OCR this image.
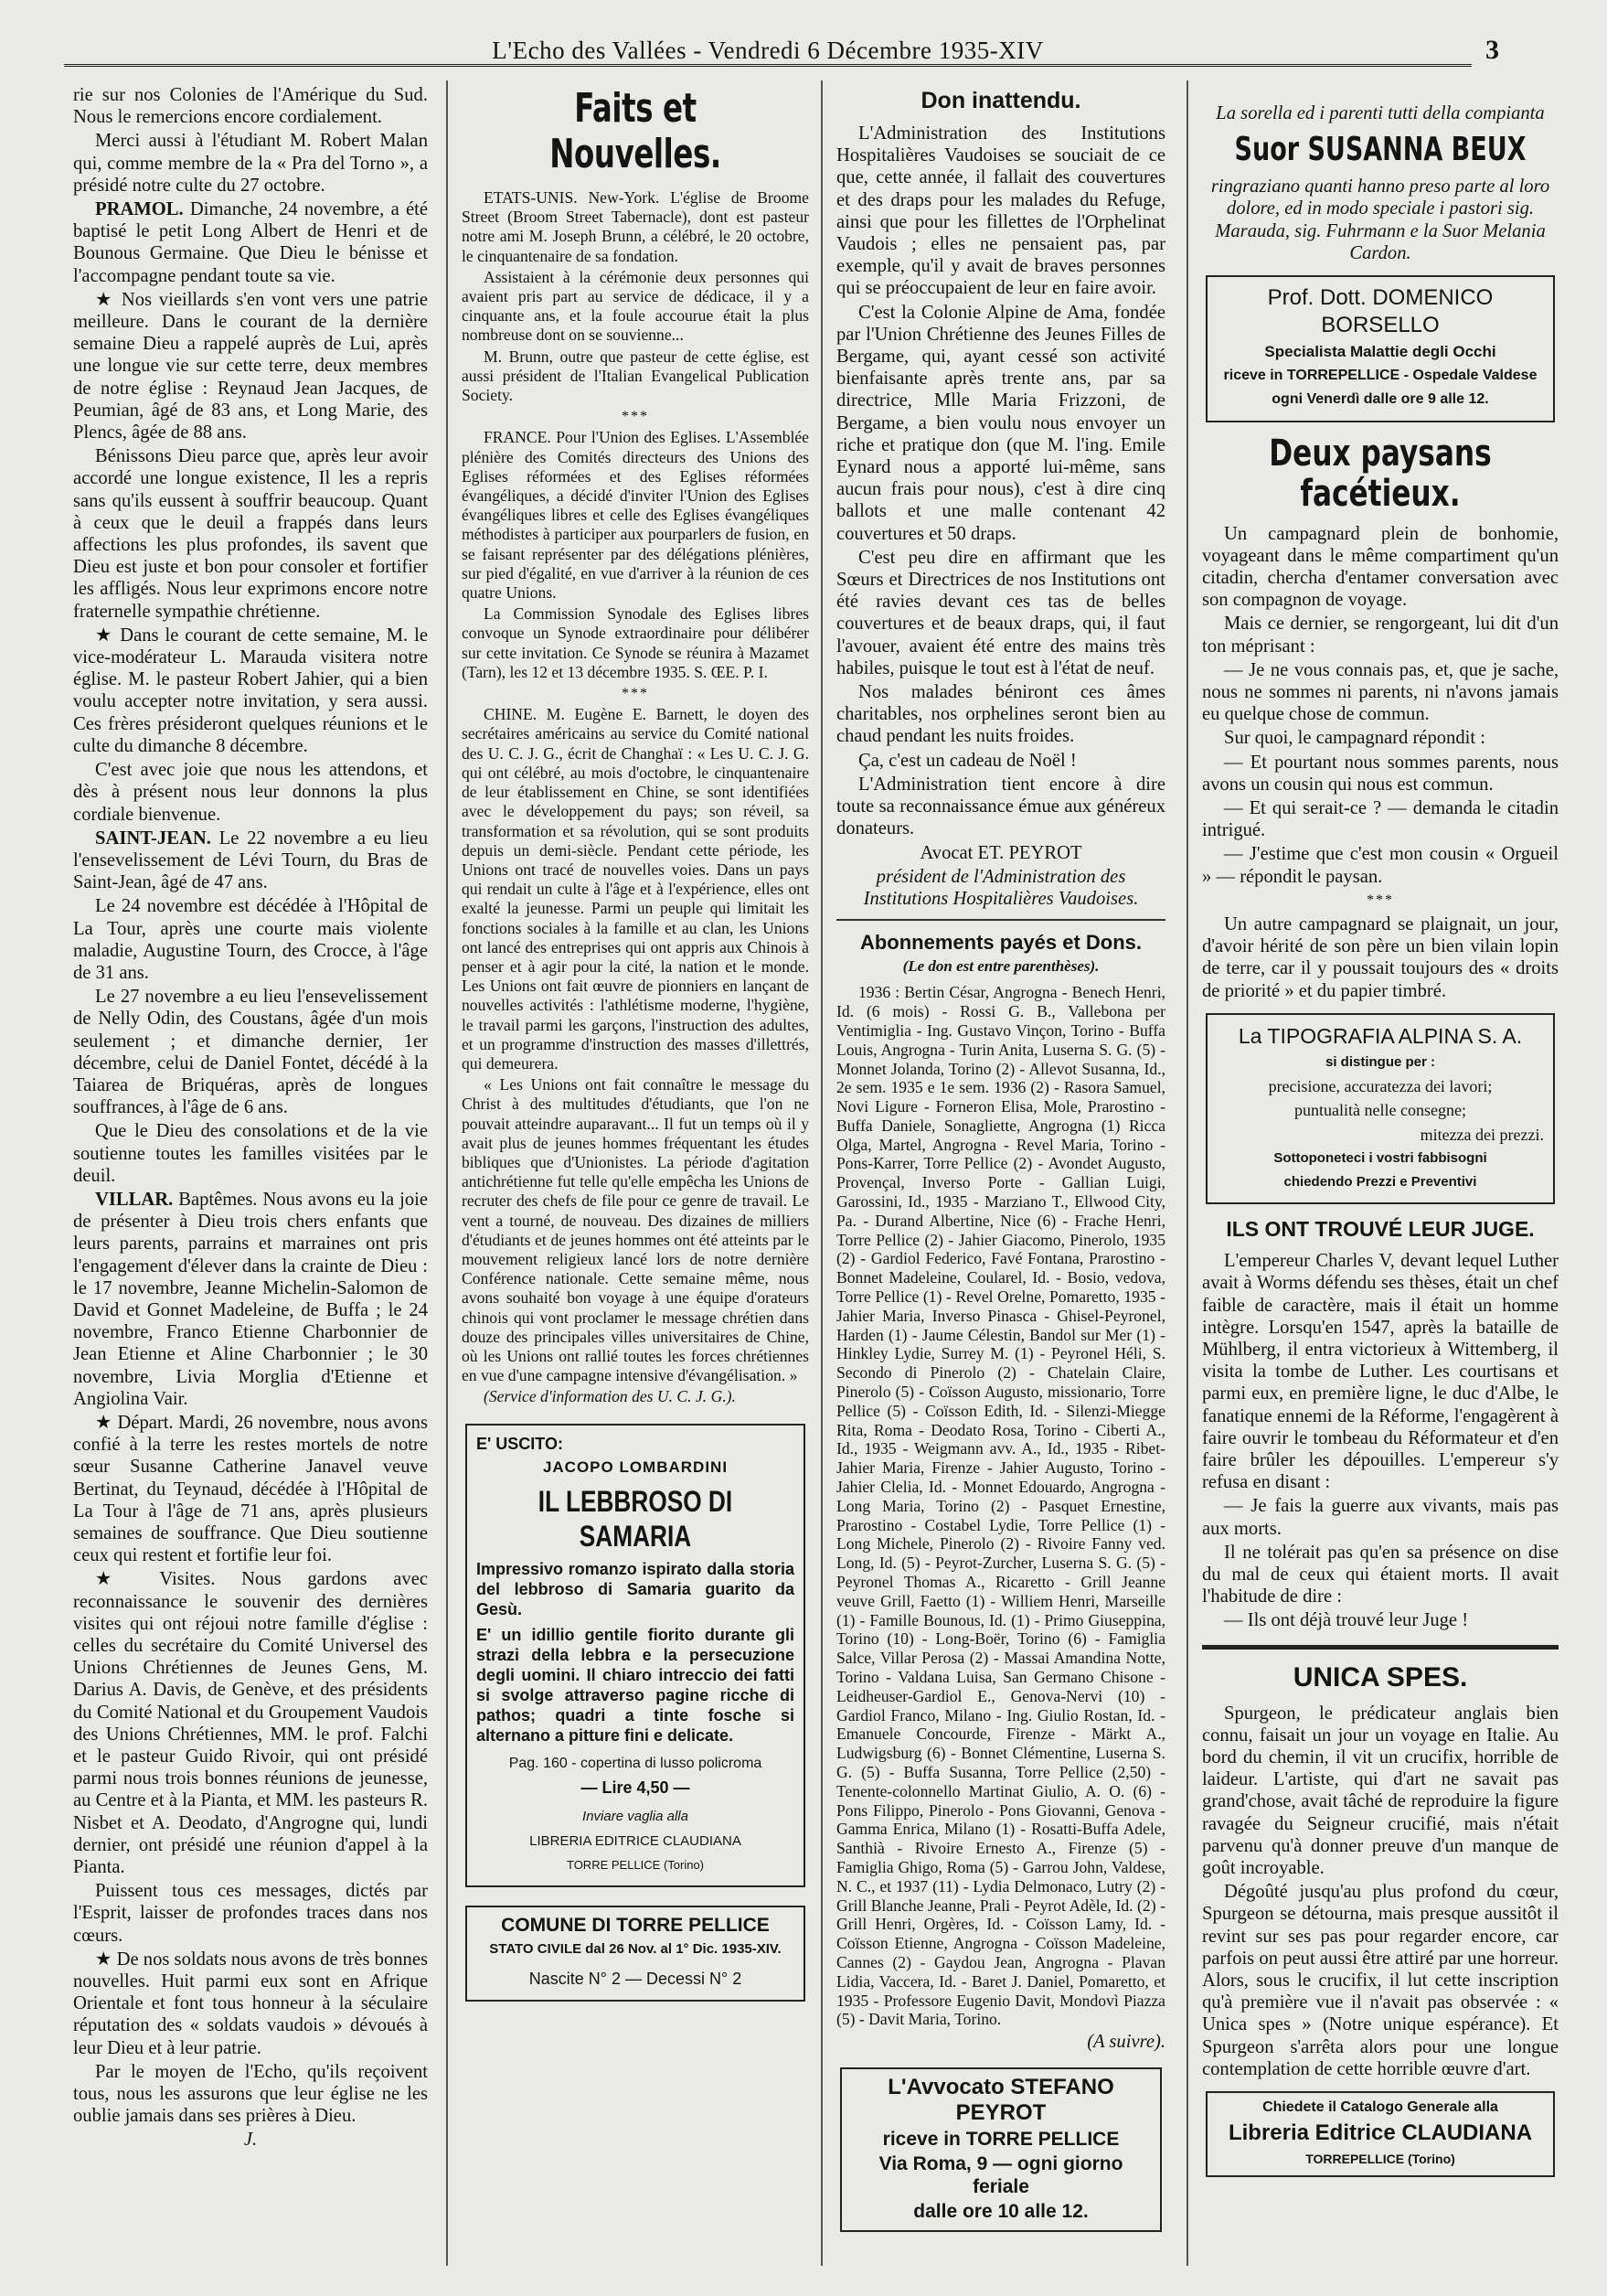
L'Echo des Vallées - Vendredi 6 Décembre 1935-XIV	3

rie sur nos Colonies de l'Amérique du Sud. Nous le remercions encore cordialement.

Merci aussi à l'étudiant M. Robert Malan qui, comme membre de la « Pra del Torno », a présidé notre culte du 27 octobre.

PRAMOL. Dimanche, 24 novembre, a été baptisé le petit Long Albert de Henri et de Bounous Germaine. Que Dieu le bénisse et l'accompagne pendant toute sa vie.

★ Nos vieillards s'en vont vers une patrie meilleure. Dans le courant de la dernière semaine Dieu a rappelé auprès de Lui, après une longue vie sur cette terre, deux membres de notre église : Reynaud Jean Jacques, de Peumian, âgé de 83 ans, et Long Marie, des Plencs, âgée de 88 ans.

Bénissons Dieu parce que, après leur avoir accordé une longue existence, Il les a repris sans qu'ils eussent à souffrir beaucoup. Quant à ceux que le deuil a frappés dans leurs affections les plus profondes, ils savent que Dieu est juste et bon pour consoler et fortifier les affligés. Nous leur exprimons encore notre fraternelle sympathie chrétienne.

★ Dans le courant de cette semaine, M. le vice-modérateur L. Marauda visitera notre église. M. le pasteur Robert Jahier, qui a bien voulu accepter notre invitation, y sera aussi. Ces frères présideront quelques réunions et le culte du dimanche 8 décembre.

C'est avec joie que nous les attendons, et dès à présent nous leur donnons la plus cordiale bienvenue.

SAINT-JEAN. Le 22 novembre a eu lieu l'ensevelissement de Lévi Tourn, du Bras de Saint-Jean, âgé de 47 ans.

Le 24 novembre est décédée à l'Hôpital de La Tour, après une courte mais violente maladie, Augustine Tourn, des Crocce, à l'âge de 31 ans.

Le 27 novembre a eu lieu l'ensevelissement de Nelly Odin, des Coustans, âgée d'un mois seulement ; et dimanche dernier, 1er décembre, celui de Daniel Fontet, décédé à la Taiarea de Briquéras, après de longues souffrances, à l'âge de 6 ans.

Que le Dieu des consolations et de la vie soutienne toutes les familles visitées par le deuil.

VILLAR. Baptêmes. Nous avons eu la joie de présenter à Dieu trois chers enfants que leurs parents, parrains et marraines ont pris l'engagement d'élever dans la crainte de Dieu : le 17 novembre, Jeanne Michelin-Salomon de David et Gonnet Madeleine, de Buffa ; le 24 novembre, Franco Etienne Charbonnier de Jean Etienne et Aline Charbonnier ; le 30 novembre, Livia Morglia d'Etienne et Angiolina Vair.

★ Départ. Mardi, 26 novembre, nous avons confié à la terre les restes mortels de notre sœur Susanne Catherine Janavel veuve Bertinat, du Teynaud, décédée à l'Hôpital de La Tour à l'âge de 71 ans, après plusieurs semaines de souffrance. Que Dieu soutienne ceux qui restent et fortifie leur foi.

★ Visites. Nous gardons avec reconnaissance le souvenir des dernières visites qui ont réjoui notre famille d'église : celles du secrétaire du Comité Universel des Unions Chrétiennes de Jeunes Gens, M. Darius A. Davis, de Genève, et des présidents du Comité National et du Groupement Vaudois des Unions Chrétiennes, MM. le prof. Falchi et le pasteur Guido Rivoir, qui ont présidé parmi nous trois bonnes réunions de jeunesse, au Centre et à la Pianta, et MM. les pasteurs R. Nisbet et A. Deodato, d'Angrogne qui, lundi dernier, ont présidé une réunion d'appel à la Pianta.

Puissent tous ces messages, dictés par l'Esprit, laisser de profondes traces dans nos cœurs.

★ De nos soldats nous avons de très bonnes nouvelles. Huit parmi eux sont en Afrique Orientale et font tous honneur à la séculaire réputation des « soldats vaudois » dévoués à leur Dieu et à leur patrie.

Par le moyen de l'Echo, qu'ils reçoivent tous, nous les assurons que leur église ne les oublie jamais dans ses prières à Dieu.

J.

Faits et Nouvelles.

ETATS-UNIS. New-York. L'église de Broome Street (Broom Street Tabernacle), dont est pasteur notre ami M. Joseph Brunn, a célébré, le 20 octobre, le cinquantenaire de sa fondation.

Assistaient à la cérémonie deux personnes qui avaient pris part au service de dédicace, il y a cinquante ans, et la foule accourue était la plus nombreuse dont on se souvienne...

M. Brunn, outre que pasteur de cette église, est aussi président de l'Italian Evangelical Publication Society.

***

FRANCE. Pour l'Union des Eglises. L'Assemblée plénière des Comités directeurs des Unions des Eglises réformées et des Eglises réformées évangéliques, a décidé d'inviter l'Union des Eglises évangéliques libres et celle des Eglises évangéliques méthodistes à participer aux pourparlers de fusion, en se faisant représenter par des délégations plénières, sur pied d'égalité, en vue d'arriver à la réunion de ces quatre Unions.

La Commission Synodale des Eglises libres convoque un Synode extraordinaire pour délibérer sur cette invitation. Ce Synode se réunira à Mazamet (Tarn), les 12 et 13 décembre 1935. S. ŒE. P. I.

***

CHINE. M. Eugène E. Barnett, le doyen des secrétaires américains au service du Comité national des U. C. J. G., écrit de Changhaï : « Les U. C. J. G. qui ont célébré, au mois d'octobre, le cinquantenaire de leur établissement en Chine, se sont identifiées avec le développement du pays; son réveil, sa transformation et sa révolution, qui se sont produits depuis un demi-siècle. Pendant cette période, les Unions ont tracé de nouvelles voies. Dans un pays qui rendait un culte à l'âge et à l'expérience, elles ont exalté la jeunesse. Parmi un peuple qui limitait les fonctions sociales à la famille et au clan, les Unions ont lancé des entreprises qui ont appris aux Chinois à penser et à agir pour la cité, la nation et le monde. Les Unions ont fait œuvre de pionniers en lançant de nouvelles activités : l'athlétisme moderne, l'hygiène, le travail parmi les garçons, l'instruction des adultes, et un programme d'instruction des masses d'illettrés, qui demeurera.

« Les Unions ont fait connaître le message du Christ à des multitudes d'étudiants, que l'on ne pouvait atteindre auparavant... Il fut un temps où il y avait plus de jeunes hommes fréquentant les études bibliques que d'Unionistes. La période d'agitation antichrétienne fut telle qu'elle empêcha les Unions de recruter des chefs de file pour ce genre de travail. Le vent a tourné, de nouveau. Des dizaines de milliers d'étudiants et de jeunes hommes ont été atteints par le mouvement religieux lancé lors de notre dernière Conférence nationale. Cette semaine même, nous avons souhaité bon voyage à une équipe d'orateurs chinois qui vont proclamer le message chrétien dans douze des principales villes universitaires de Chine, où les Unions ont rallié toutes les forces chrétiennes en vue d'une campagne intensive d'évangélisation. »

(Service d'information des U. C. J. G.).

E' USCITO:

JACOPO LOMBARDINI

IL LEBBROSO DI SAMARIA

Impressivo romanzo ispirato dalla storia del lebbroso di Samaria guarito da Gesù.

E' un idillio gentile fiorito durante gli strazi della lebbra e la persecuzione degli uomini. Il chiaro intreccio dei fatti si svolge attraverso pagine ricche di pathos; quadri a tinte fosche si alternano a pitture fini e delicate.

Pag. 160 - copertina di lusso policroma

— Lire 4,50 —

Inviare vaglia alla

LIBRERIA EDITRICE CLAUDIANA

TORRE PELLICE (Torino)

COMUNE DI TORRE PELLICE

STATO CIVILE dal 26 Nov. al 1° Dic. 1935-XIV.

Nascite N° 2 — Decessi N° 2

Don inattendu.

L'Administration des Institutions Hospitalières Vaudoises se souciait de ce que, cette année, il fallait des couvertures et des draps pour les malades du Refuge, ainsi que pour les fillettes de l'Orphelinat Vaudois ; elles ne pensaient pas, par exemple, qu'il y avait de braves personnes qui se préoccupaient de leur en faire avoir.

C'est la Colonie Alpine de Ama, fondée par l'Union Chrétienne des Jeunes Filles de Bergame, qui, ayant cessé son activité bienfaisante après trente ans, par sa directrice, Mlle Maria Frizzoni, de Bergame, a bien voulu nous envoyer un riche et pratique don (que M. l'ing. Emile Eynard nous a apporté lui-même, sans aucun frais pour nous), c'est à dire cinq ballots et une malle contenant 42 couvertures et 50 draps.

C'est peu dire en affirmant que les Sœurs et Directrices de nos Institutions ont été ravies devant ces tas de belles couvertures et de beaux draps, qui, il faut l'avouer, avaient été entre des mains très habiles, puisque le tout est à l'état de neuf.

Nos malades béniront ces âmes charitables, nos orphelines seront bien au chaud pendant les nuits froides.

Ça, c'est un cadeau de Noël !

L'Administration tient encore à dire toute sa reconnaissance émue aux généreux donateurs.

Avocat ET. PEYROT

président de l'Administration des Institutions Hospitalières Vaudoises.

Abonnements payés et Dons.
(Le don est entre parenthèses).

1936 : Bertin César, Angrogna - Benech Henri, Id. (6 mois) - Rossi G. B., Vallebona per Ventimiglia - Ing. Gustavo Vinçon, Torino - Buffa Louis, Angrogna - Turin Anita, Luserna S. G. (5) - Monnet Jolanda, Torino (2) - Allevot Susanna, Id., 2e sem. 1935 e 1e sem. 1936 (2) - Rasora Samuel, Novi Ligure - Forneron Elisa, Mole, Prarostino - Buffa Daniele, Sonagliette, Angrogna (1) Ricca Olga, Martel, Angrogna - Revel Maria, Torino - Pons-Karrer, Torre Pellice (2) - Avondet Augusto, Provençal, Inverso Porte - Gallian Luigi, Garossini, Id., 1935 - Marziano T., Ellwood City, Pa. - Durand Albertine, Nice (6) - Frache Henri, Torre Pellice (2) - Jahier Giacomo, Pinerolo, 1935 (2) - Gardiol Federico, Favé Fontana, Prarostino - Bonnet Madeleine, Coularel, Id. - Bosio, vedova, Torre Pellice (1) - Revel Orelne, Pomaretto, 1935 - Jahier Maria, Inverso Pinasca - Ghisel-Peyronel, Harden (1) - Jaume Célestin, Bandol sur Mer (1) - Hinkley Lydie, Surrey M. (1) - Peyronel Héli, S. Secondo di Pinerolo (2) - Chatelain Claire, Pinerolo (5) - Coïsson Augusto, missionario, Torre Pellice (5) - Coïsson Edith, Id. - Silenzi-Miegge Rita, Roma - Deodato Rosa, Torino - Ciberti A., Id., 1935 - Weigmann avv. A., Id., 1935 - Ribet-Jahier Maria, Firenze - Jahier Augusto, Torino - Jahier Clelia, Id. - Monnet Edouardo, Angrogna - Long Maria, Torino (2) - Pasquet Ernestine, Prarostino - Costabel Lydie, Torre Pellice (1) - Long Michele, Pinerolo (2) - Rivoire Fanny ved. Long, Id. (5) - Peyrot-Zurcher, Luserna S. G. (5) - Peyronel Thomas A., Ricaretto - Grill Jeanne veuve Grill, Faetto (1) - Williem Henri, Marseille (1) - Famille Bounous, Id. (1) - Primo Giuseppina, Torino (10) - Long-Boër, Torino (6) - Famiglia Salce, Villar Perosa (2) - Massai Amandina Notte, Torino - Valdana Luisa, San Germano Chisone - Leidheuser-Gardiol E., Genova-Nervi (10) - Gardiol Franco, Milano - Ing. Giulio Rostan, Id. - Emanuele Concourde, Firenze - Märkt A., Ludwigsburg (6) - Bonnet Clémentine, Luserna S. G. (5) - Buffa Susanna, Torre Pellice (2,50) - Tenente-colonnello Martinat Giulio, A. O. (6) - Pons Filippo, Pinerolo - Pons Giovanni, Genova - Gamma Enrica, Milano (1) - Rosatti-Buffa Adele, Santhià - Rivoire Ernesto A., Firenze (5) - Famiglia Ghigo, Roma (5) - Garrou John, Valdese, N. C., et 1937 (11) - Lydia Delmonaco, Lutry (2) - Grill Blanche Jeanne, Prali - Peyrot Adèle, Id. (2) - Grill Henri, Orgères, Id. - Coïsson Lamy, Id. - Coïsson Etienne, Angrogna - Coïsson Madeleine, Cannes (2) - Gaydou Jean, Angrogna - Plavan Lidia, Vaccera, Id. - Baret J. Daniel, Pomaretto, et 1935 - Professore Eugenio Davit, Mondovì Piazza (5) - Davit Maria, Torino.

(A suivre).

L'Avvocato STEFANO PEYROT

riceve in TORRE PELLICE

Via Roma, 9 — ogni giorno feriale

dalle ore 10 alle 12.

La sorella ed i parenti tutti della compianta

Suor SUSANNA BEUX

ringraziano quanti hanno preso parte al loro dolore, ed in modo speciale i pastori sig. Marauda, sig. Fuhrmann e la Suor Melania Cardon.

Prof. Dott. DOMENICO BORSELLO

Specialista Malattie degli Occhi

riceve in TORREPELLICE - Ospedale Valdese

ogni Venerdì dalle ore 9 alle 12.

Deux paysans facétieux.

Un campagnard plein de bonhomie, voyageant dans le même compartiment qu'un citadin, chercha d'entamer conversation avec son compagnon de voyage.

Mais ce dernier, se rengorgeant, lui dit d'un ton méprisant :

— Je ne vous connais pas, et, que je sache, nous ne sommes ni parents, ni n'avons jamais eu quelque chose de commun.

Sur quoi, le campagnard répondit :

— Et pourtant nous sommes parents, nous avons un cousin qui nous est commun.

— Et qui serait-ce ? — demanda le citadin intrigué.

— J'estime que c'est mon cousin « Orgueil » — répondit le paysan.

***

Un autre campagnard se plaignait, un jour, d'avoir hérité de son père un bien vilain lopin de terre, car il y poussait toujours des « droits de priorité » et du papier timbré.

La TIPOGRAFIA ALPINA S. A.

si distingue per :

precisione, accuratezza dei lavori;

puntualità nelle consegne;

mitezza dei prezzi.

Sottoponeteci i vostri fabbisogni

chiedendo Prezzi e Preventivi

ILS ONT TROUVÉ LEUR JUGE.

L'empereur Charles V, devant lequel Luther avait à Worms défendu ses thèses, était un chef faible de caractère, mais il était un homme intègre. Lorsqu'en 1547, après la bataille de Mühlberg, il entra victorieux à Wittemberg, il visita la tombe de Luther. Les courtisans et parmi eux, en première ligne, le duc d'Albe, le fanatique ennemi de la Réforme, l'engagèrent à faire ouvrir le tombeau du Réformateur et d'en faire brûler les dépouilles. L'empereur s'y refusa en disant :

— Je fais la guerre aux vivants, mais pas aux morts.

Il ne tolérait pas qu'en sa présence on dise du mal de ceux qui étaient morts. Il avait l'habitude de dire :

— Ils ont déjà trouvé leur Juge !

UNICA SPES.

Spurgeon, le prédicateur anglais bien connu, faisait un jour un voyage en Italie. Au bord du chemin, il vit un crucifix, horrible de laideur. L'artiste, qui d'art ne savait pas grand'chose, avait tâché de reproduire la figure ravagée du Seigneur crucifié, mais n'était parvenu qu'à donner preuve d'un manque de goût incroyable.

Dégoûté jusqu'au plus profond du cœur, Spurgeon se détourna, mais presque aussitôt il revint sur ses pas pour regarder encore, car parfois on peut aussi être attiré par une horreur. Alors, sous le crucifix, il lut cette inscription qu'à première vue il n'avait pas observée : « Unica spes » (Notre unique espérance). Et Spurgeon s'arrêta alors pour une longue contemplation de cette horrible œuvre d'art.

Chiedete il Catalogo Generale alla

Libreria Editrice CLAUDIANA

TORREPELLICE (Torino)
